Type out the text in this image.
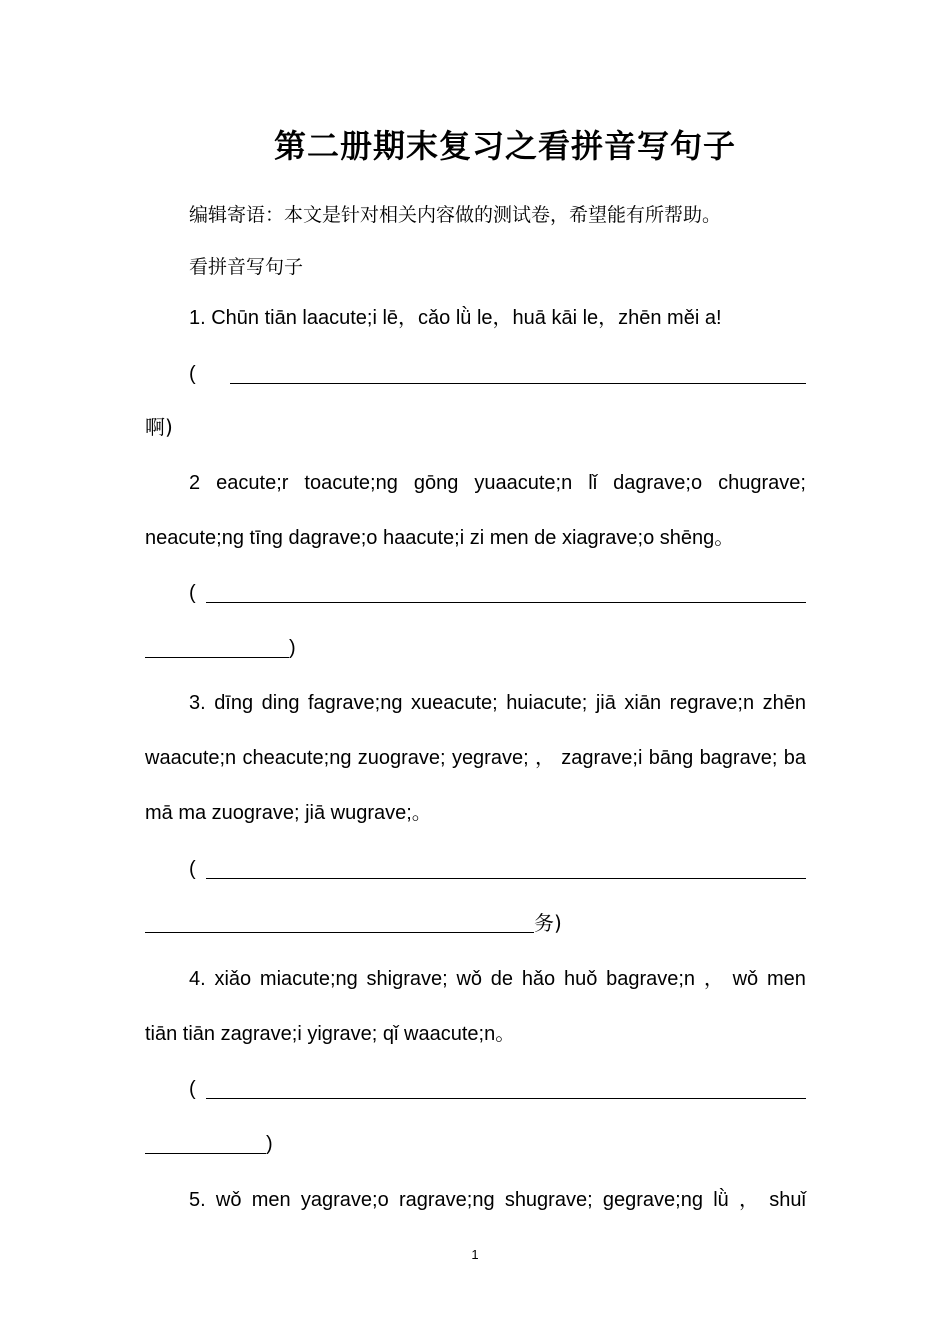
第二册期末复习之看拼音写句子
编辑寄语：本文是针对相关内容做的测试卷，希望能有所帮助。
看拼音写句子
1. Chūn tiān laacute;i lē，cǎo lǜ le，huā kāi le，zhēn měi a!
(
啊)
2 eacute;r toacute;ng gōng yuaacute;n lǐ dagrave;o chugrave;
neacute;ng tīng dagrave;o haacute;i zi men de xiagrave;o shēng。
(
)
3. dīng ding fagrave;ng xueacute; huiacute; jiā xiān regrave;n zhēn
waacute;n cheacute;ng zuograve; yegrave; ， zagrave;i bāng bagrave; ba
mā ma zuograve; jiā wugrave;。
(
务)
4. xiǎo miacute;ng shigrave; wǒ de hǎo huǒ bagrave;n ， wǒ men
tiān tiān zagrave;i yigrave; qǐ waacute;n。
(
)
5. wǒ men yagrave;o ragrave;ng shugrave; gegrave;ng lǜ ， shuǐ
1
